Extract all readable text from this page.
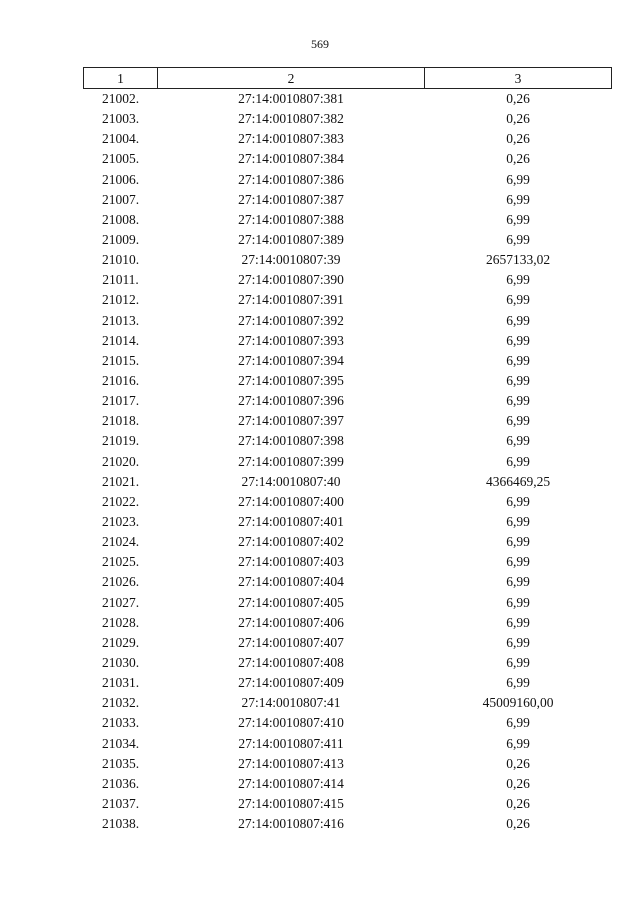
569
1	2	3
21002.	27:14:0010807:381	0,26
21003.	27:14:0010807:382	0,26
21004.	27:14:0010807:383	0,26
21005.	27:14:0010807:384	0,26
21006.	27:14:0010807:386	6,99
21007.	27:14:0010807:387	6,99
21008.	27:14:0010807:388	6,99
21009.	27:14:0010807:389	6,99
21010.	27:14:0010807:39	2657133,02
21011.	27:14:0010807:390	6,99
21012.	27:14:0010807:391	6,99
21013.	27:14:0010807:392	6,99
21014.	27:14:0010807:393	6,99
21015.	27:14:0010807:394	6,99
21016.	27:14:0010807:395	6,99
21017.	27:14:0010807:396	6,99
21018.	27:14:0010807:397	6,99
21019.	27:14:0010807:398	6,99
21020.	27:14:0010807:399	6,99
21021.	27:14:0010807:40	4366469,25
21022.	27:14:0010807:400	6,99
21023.	27:14:0010807:401	6,99
21024.	27:14:0010807:402	6,99
21025.	27:14:0010807:403	6,99
21026.	27:14:0010807:404	6,99
21027.	27:14:0010807:405	6,99
21028.	27:14:0010807:406	6,99
21029.	27:14:0010807:407	6,99
21030.	27:14:0010807:408	6,99
21031.	27:14:0010807:409	6,99
21032.	27:14:0010807:41	45009160,00
21033.	27:14:0010807:410	6,99
21034.	27:14:0010807:411	6,99
21035.	27:14:0010807:413	0,26
21036.	27:14:0010807:414	0,26
21037.	27:14:0010807:415	0,26
21038.	27:14:0010807:416	0,26
